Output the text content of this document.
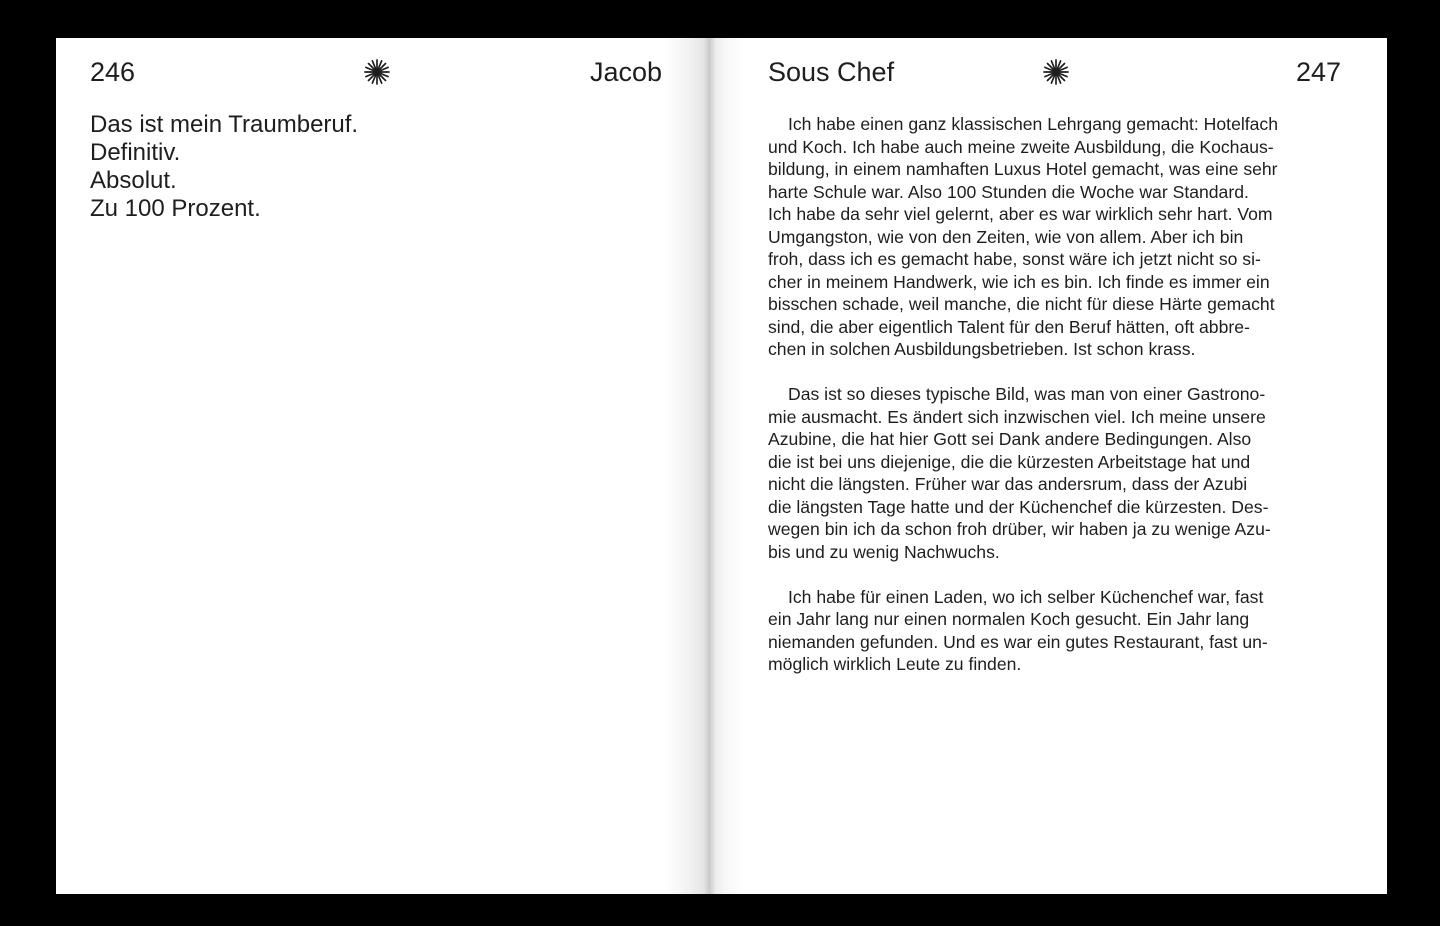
246	Jacob
Das ist mein Traumberuf.
Definitiv.
Absolut.
Zu 100 Prozent.
Sous Chef	247

Ich habe einen ganz klassischen Lehrgang gemacht: Hotelfach
und Koch. Ich habe auch meine zweite Ausbildung, die Kochaus-
bildung, in einem namhaften Luxus Hotel gemacht, was eine sehr
harte Schule war. Also 100 Stunden die Woche war Standard.
Ich habe da sehr viel gelernt, aber es war wirklich sehr hart. Vom
Umgangston, wie von den Zeiten, wie von allem. Aber ich bin
froh, dass ich es gemacht habe, sonst wäre ich jetzt nicht so si-
cher in meinem Handwerk, wie ich es bin. Ich finde es immer ein
bisschen schade, weil manche, die nicht für diese Härte gemacht
sind, die aber eigentlich Talent für den Beruf hätten, oft abbre-
chen in solchen Ausbildungsbetrieben. Ist schon krass.

Das ist so dieses typische Bild, was man von einer Gastrono-
mie ausmacht. Es ändert sich inzwischen viel. Ich meine unsere
Azubine, die hat hier Gott sei Dank andere Bedingungen. Also
die ist bei uns diejenige, die die kürzesten Arbeitstage hat und
nicht die längsten. Früher war das andersrum, dass der Azubi
die längsten Tage hatte und der Küchenchef die kürzesten. Des-
wegen bin ich da schon froh drüber, wir haben ja zu wenige Azu-
bis und zu wenig Nachwuchs.

Ich habe für einen Laden, wo ich selber Küchenchef war, fast
ein Jahr lang nur einen normalen Koch gesucht. Ein Jahr lang
niemanden gefunden. Und es war ein gutes Restaurant, fast un-
möglich wirklich Leute zu finden.
